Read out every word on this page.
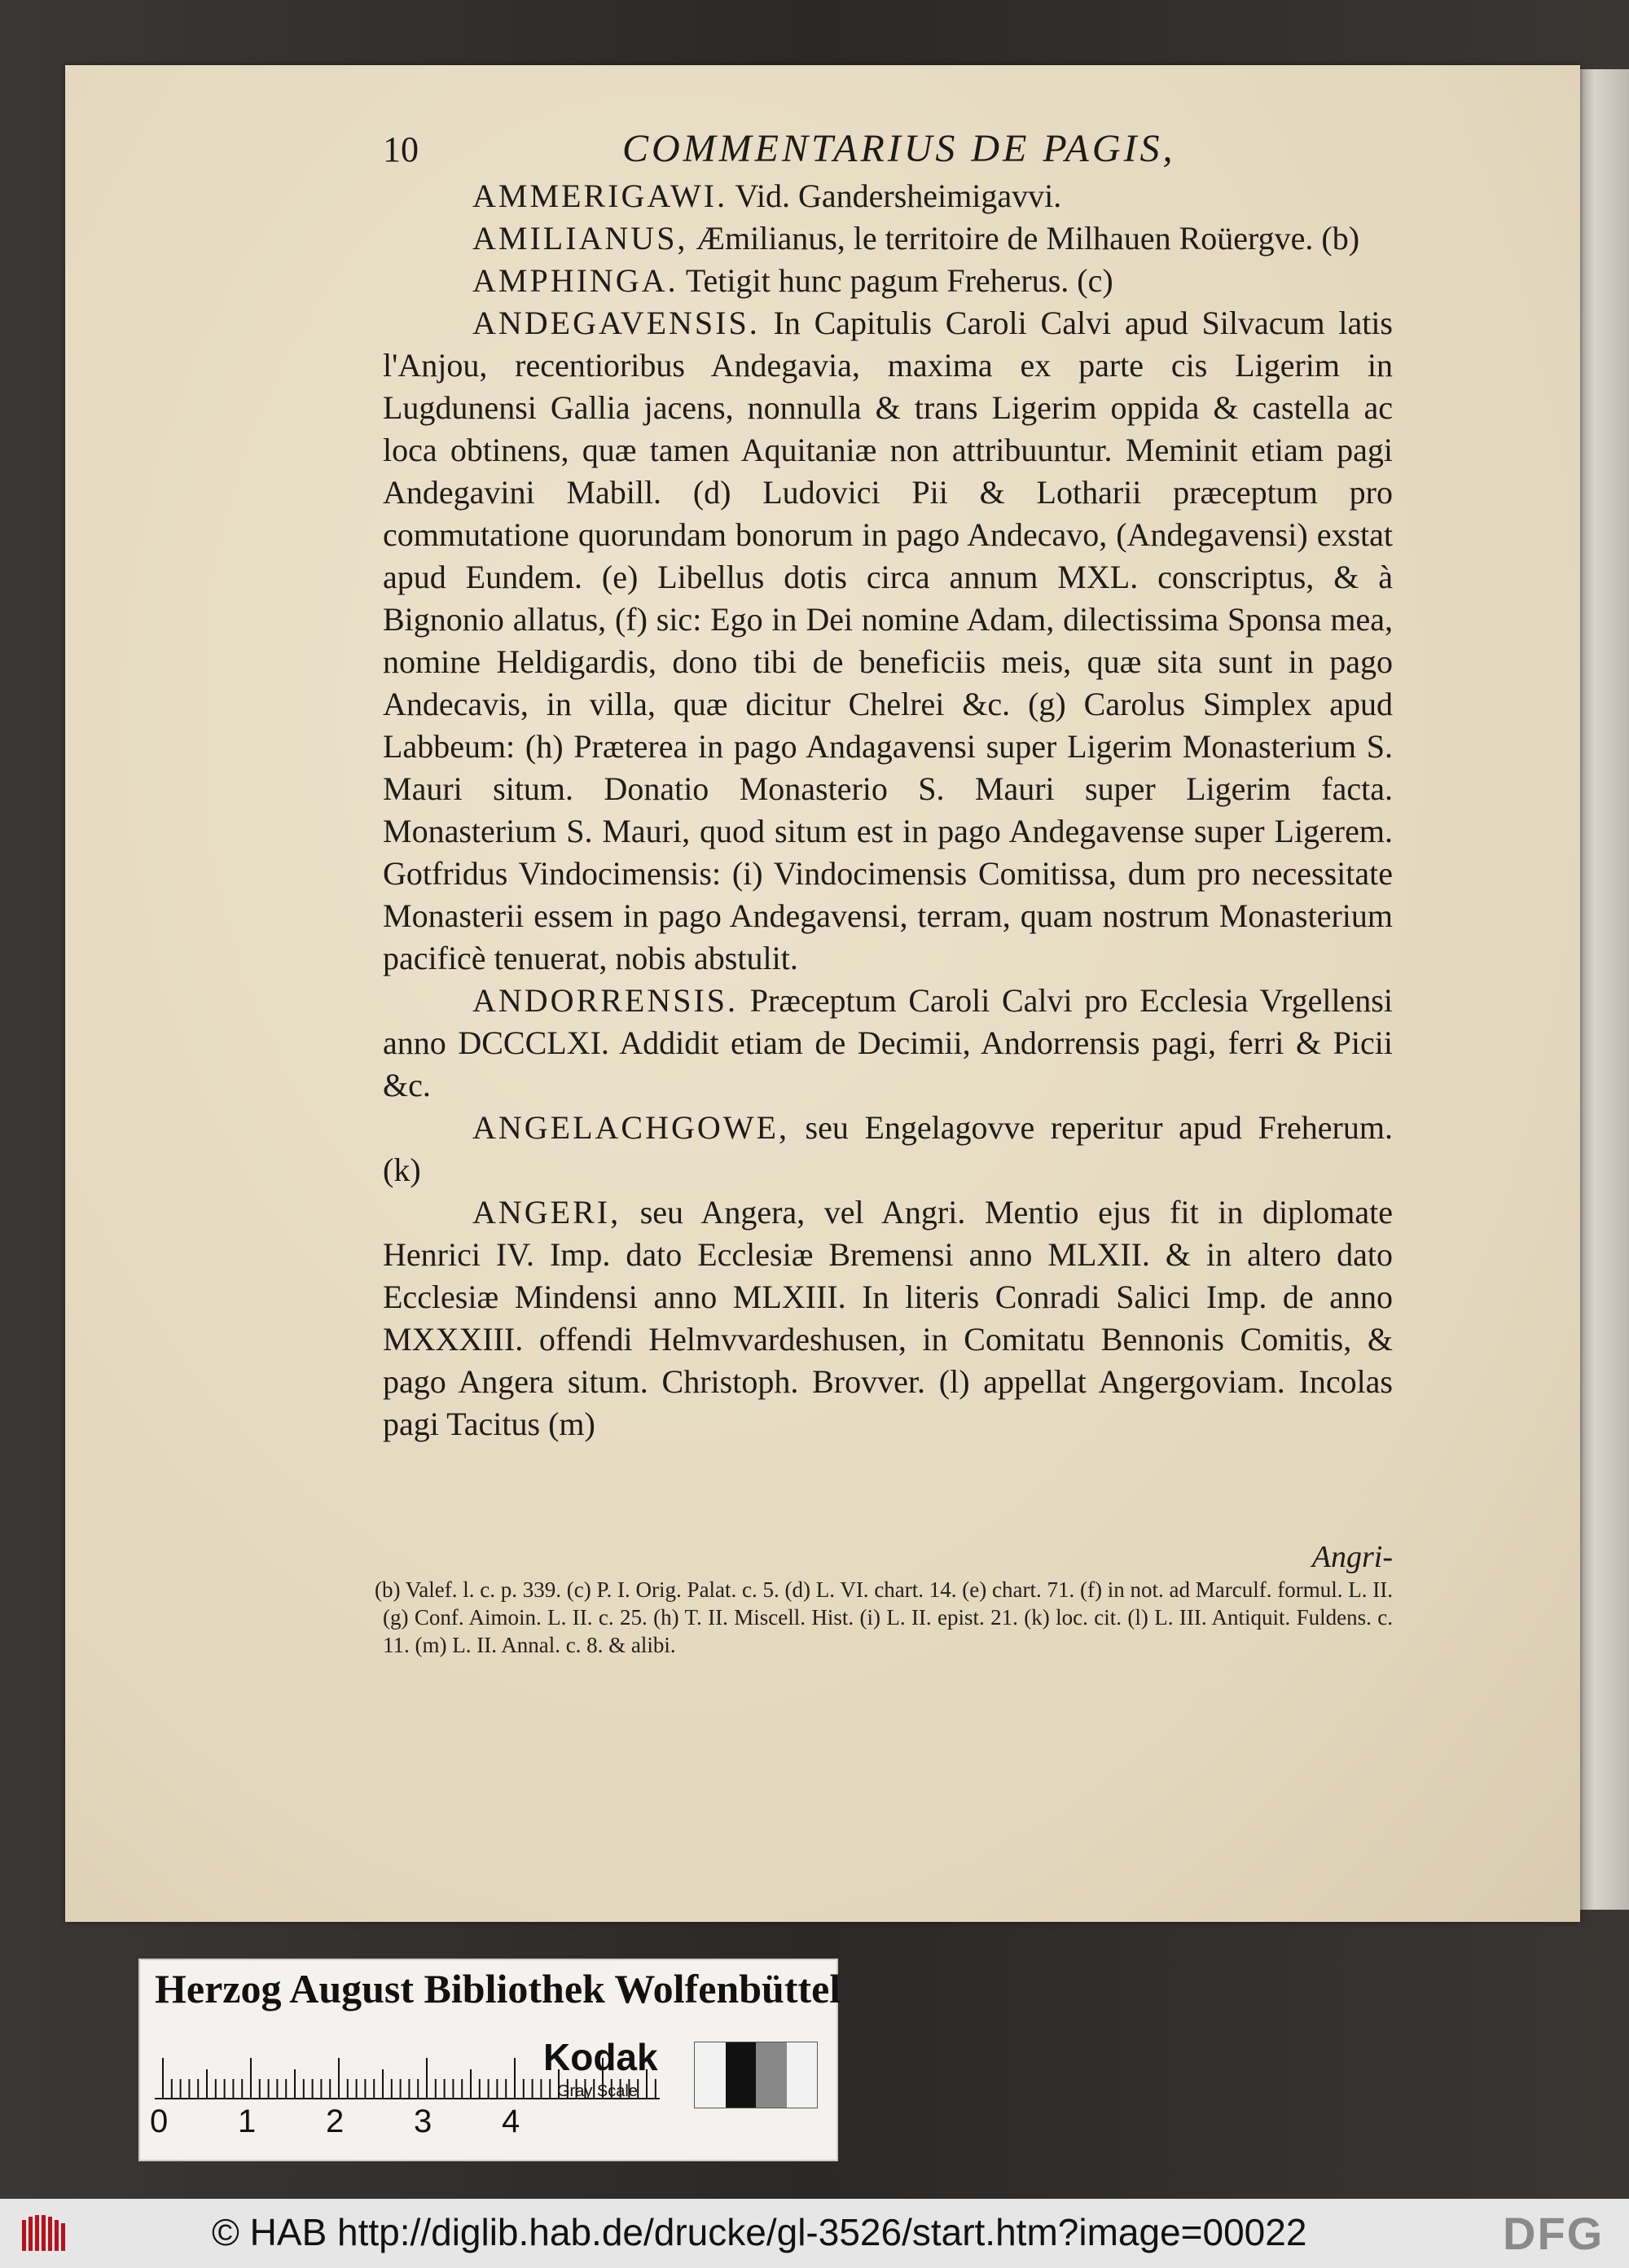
10	COMMENTARIUS DE PAGIS,

AMMERIGAWI. Vid. Gandersheimigavvi.

AMILIANUS, Æmilianus, le territoire de Milhauen Roüergve. (b)

AMPHINGA. Tetigit hunc pagum Freherus. (c)

ANDEGAVENSIS. In Capitulis Caroli Calvi apud Silvacum latis l'Anjou, recentioribus Andegavia, maxima ex parte cis Ligerim in Lugdunensi Gallia jacens, nonnulla & trans Ligerim oppida & castella ac loca obtinens, quæ tamen Aquitaniæ non attribuuntur. Meminit etiam pagi Andegavini Mabill. (d) Ludovici Pii & Lotharii præceptum pro commutatione quorundam bonorum in pago Andecavo, (Andegavensi) exstat apud Eundem. (e) Libellus dotis circa annum MXL. conscriptus, & à Bignonio allatus, (f) sic: Ego in Dei nomine Adam, dilectissima Sponsa mea, nomine Heldigardis, dono tibi de beneficiis meis, quæ sita sunt in pago Andecavis, in villa, quæ dicitur Chelrei &c. (g) Carolus Simplex apud Labbeum: (h) Præterea in pago Andagavensi super Ligerim Monasterium S. Mauri situm. Donatio Monasterio S. Mauri super Ligerim facta. Monasterium S. Mauri, quod situm est in pago Andegavense super Ligerem. Gotfridus Vindocimensis: (i) Vindocimensis Comitissa, dum pro necessitate Monasterii essem in pago Andegavensi, terram, quam nostrum Monasterium pacificè tenuerat, nobis abstulit.

ANDORRENSIS. Præceptum Caroli Calvi pro Ecclesia Vrgellensi anno DCCCLXI. Addidit etiam de Decimii, Andorrensis pagi, ferri & Picii &c.

ANGELACHGOWE, seu Engelagovve reperitur apud Freherum. (k)

ANGERI, seu Angera, vel Angri. Mentio ejus fit in diplomate Henrici IV. Imp. dato Ecclesiæ Bremensi anno MLXII. & in altero dato Ecclesiæ Mindensi anno MLXIII. In literis Conradi Salici Imp. de anno MXXXIII. offendi Helmvvardeshusen, in Comitatu Bennonis Comitis, & pago Angera situm. Christoph. Brovver. (l) appellat Angergoviam. Incolas pagi Tacitus (m)

Angri-
(b) Valef. l. c. p. 339. (c) P. I. Orig. Palat. c. 5. (d) L. VI. chart. 14. (e) chart. 71. (f) in not. ad Marculf. formul. L. II. (g) Conf. Aimoin. L. II. c. 25. (h) T. II. Miscell. Hist. (i) L. II. epist. 21. (k) loc. cit. (l) L. III. Antiquit. Fuldens. c. 11. (m) L. II. Annal. c. 8. & alibi.
Herzog August Bibliothek Wolfenbüttel
0 1 2 3 4
Kodak
Gray Scale
© HAB http://diglib.hab.de/drucke/gl-3526/start.htm?image=00022	DFG
